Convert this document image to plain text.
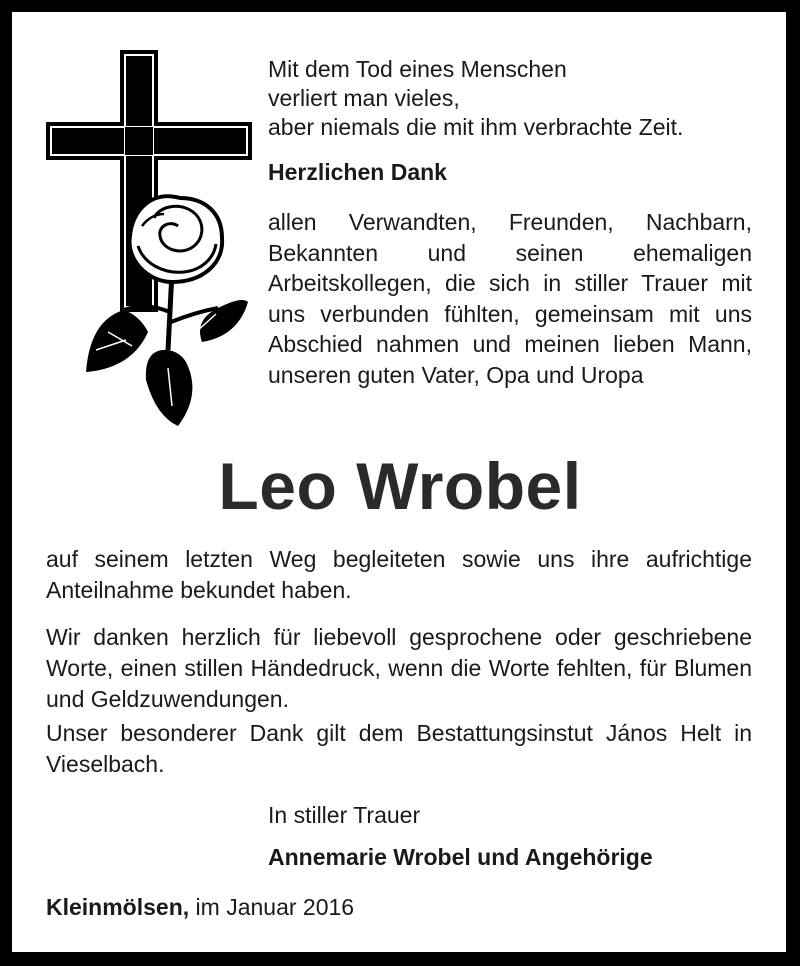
Mit dem Tod eines Menschen

verliert man vieles,

aber niemals die mit ihm verbrachte Zeit.

Herzlichen Dank

allen Verwandten, Freunden, Nachbarn, Bekannten und seinen ehemaligen Arbeitskollegen, die sich in stiller Trauer mit uns verbunden fühlten, gemeinsam mit uns Abschied nahmen und meinen lieben Mann, unseren guten Vater, Opa und Uropa

Leo Wrobel

auf seinem letzten Weg begleiteten sowie uns ihre aufrichtige Anteilnahme bekundet haben.

Wir danken herzlich für liebevoll gesprochene oder geschriebene Worte, einen stillen Händedruck, wenn die Worte fehlten, für Blumen und Geldzuwendungen.

Unser besonderer Dank gilt dem Bestattungsinstut János Helt in Vieselbach.

In stiller Trauer

Annemarie Wrobel und Angehörige

Kleinmölsen, im Januar 2016
